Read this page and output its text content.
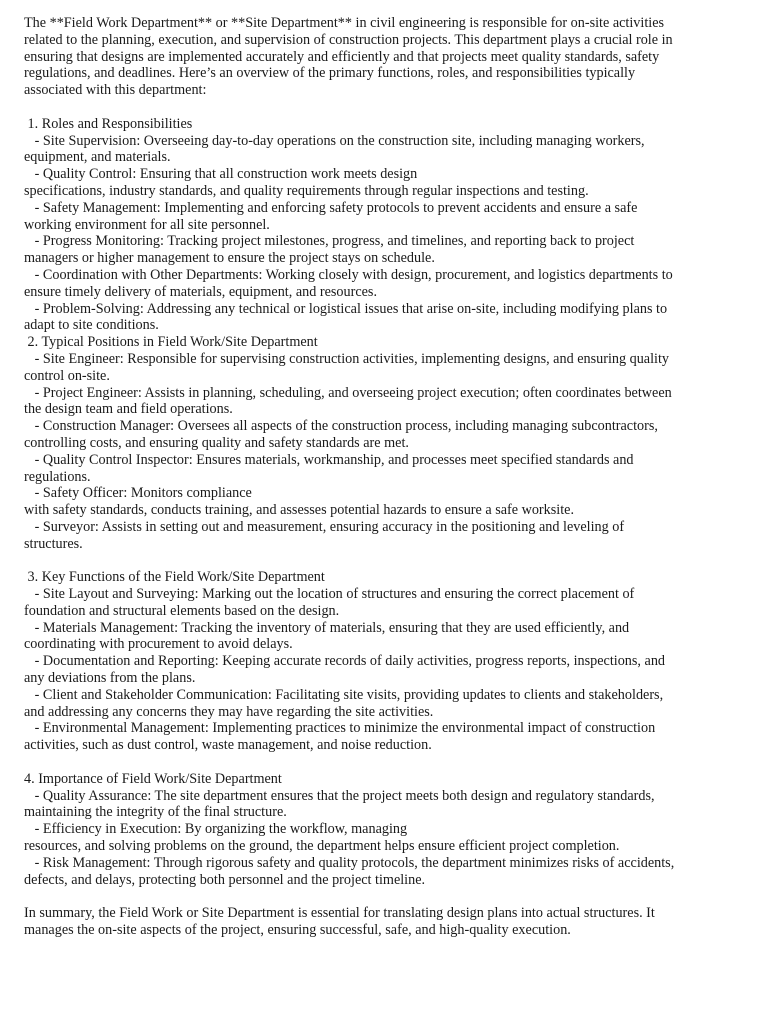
The **Field Work Department** or **Site Department** in civil engineering is responsible for on-site activities
related to the planning, execution, and supervision of construction projects. This department plays a crucial role in
ensuring that designs are implemented accurately and efficiently and that projects meet quality standards, safety
regulations, and deadlines. Here’s an overview of the primary functions, roles, and responsibilities typically
associated with this department:
1. Roles and Responsibilities
- Site Supervision: Overseeing day-to-day operations on the construction site, including managing workers,
equipment, and materials.
- Quality Control: Ensuring that all construction work meets design
specifications, industry standards, and quality requirements through regular inspections and testing.
- Safety Management: Implementing and enforcing safety protocols to prevent accidents and ensure a safe
working environment for all site personnel.
- Progress Monitoring: Tracking project milestones, progress, and timelines, and reporting back to project
managers or higher management to ensure the project stays on schedule.
- Coordination with Other Departments: Working closely with design, procurement, and logistics departments to
ensure timely delivery of materials, equipment, and resources.
- Problem-Solving: Addressing any technical or logistical issues that arise on-site, including modifying plans to
adapt to site conditions.
2. Typical Positions in Field Work/Site Department
- Site Engineer: Responsible for supervising construction activities, implementing designs, and ensuring quality
control on-site.
- Project Engineer: Assists in planning, scheduling, and overseeing project execution; often coordinates between
the design team and field operations.
- Construction Manager: Oversees all aspects of the construction process, including managing subcontractors,
controlling costs, and ensuring quality and safety standards are met.
- Quality Control Inspector: Ensures materials, workmanship, and processes meet specified standards and
regulations.
- Safety Officer: Monitors compliance
with safety standards, conducts training, and assesses potential hazards to ensure a safe worksite.
- Surveyor: Assists in setting out and measurement, ensuring accuracy in the positioning and leveling of
structures.
3. Key Functions of the Field Work/Site Department
- Site Layout and Surveying: Marking out the location of structures and ensuring the correct placement of
foundation and structural elements based on the design.
- Materials Management: Tracking the inventory of materials, ensuring that they are used efficiently, and
coordinating with procurement to avoid delays.
- Documentation and Reporting: Keeping accurate records of daily activities, progress reports, inspections, and
any deviations from the plans.
- Client and Stakeholder Communication: Facilitating site visits, providing updates to clients and stakeholders,
and addressing any concerns they may have regarding the site activities.
- Environmental Management: Implementing practices to minimize the environmental impact of construction
activities, such as dust control, waste management, and noise reduction.
4. Importance of Field Work/Site Department
- Quality Assurance: The site department ensures that the project meets both design and regulatory standards,
maintaining the integrity of the final structure.
- Efficiency in Execution: By organizing the workflow, managing
resources, and solving problems on the ground, the department helps ensure efficient project completion.
- Risk Management: Through rigorous safety and quality protocols, the department minimizes risks of accidents,
defects, and delays, protecting both personnel and the project timeline.
In summary, the Field Work or Site Department is essential for translating design plans into actual structures. It
manages the on-site aspects of the project, ensuring successful, safe, and high-quality execution.
